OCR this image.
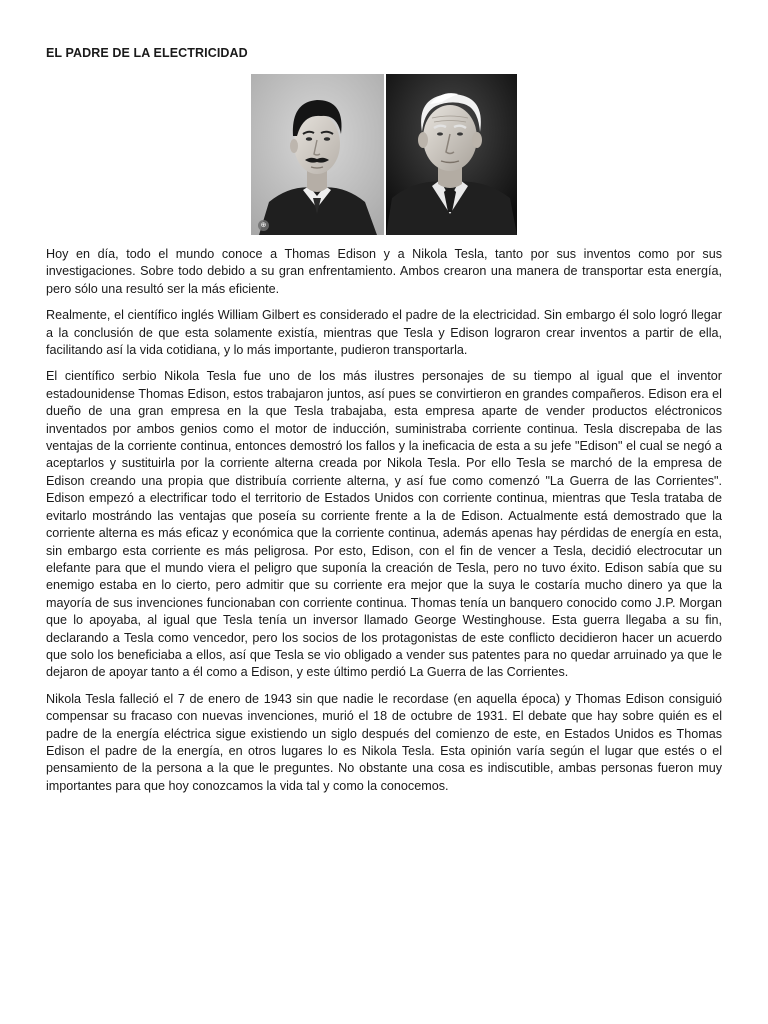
EL PADRE DE LA ELECTRICIDAD
⊕

Hoy en día, todo el mundo conoce a Thomas Edison y a Nikola Tesla, tanto por sus inventos como por sus investigaciones. Sobre todo debido a su gran enfrentamiento. Ambos crearon una manera de transportar esta energía, pero sólo una resultó ser la más eficiente.

Realmente, el científico inglés William Gilbert es considerado el padre de la electricidad. Sin embargo él solo logró llegar a la conclusión de que esta solamente existía, mientras que Tesla y Edison lograron crear inventos a partir de ella, facilitando así la vida cotidiana, y lo más importante, pudieron transportarla.

El científico serbio Nikola Tesla fue uno de los más ilustres personajes de su tiempo al igual que el inventor estadounidense Thomas Edison, estos trabajaron juntos, así pues se convirtieron en grandes compañeros. Edison era el dueño de una gran empresa en la que Tesla trabajaba, esta empresa aparte de vender productos eléctronicos inventados por ambos genios como el motor de inducción, suministraba corriente continua. Tesla discrepaba de las ventajas de la corriente continua, entonces demostró los fallos y la ineficacia de esta a su jefe "Edison" el cual se negó a aceptarlos y sustituirla por la corriente alterna creada por Nikola Tesla. Por ello Tesla se marchó de la empresa de Edison creando una propia que distribuía corriente alterna, y así fue como comenzó "La Guerra de las Corrientes". Edison empezó a electrificar todo el territorio de Estados Unidos con corriente continua, mientras que Tesla trataba de evitarlo mostrándo las ventajas que poseía su corriente frente a la de Edison. Actualmente está demostrado que la corriente alterna es más eficaz y económica que la corriente continua, además apenas hay pérdidas de energía en esta, sin embargo esta corriente es más peligrosa. Por esto, Edison, con el fin de vencer a Tesla, decidió electrocutar un elefante para que el mundo viera el peligro que suponía la creación de Tesla, pero no tuvo éxito. Edison sabía que su enemigo estaba en lo cierto, pero admitir que su corriente era mejor que la suya le costaría mucho dinero ya que la mayoría de sus invenciones funcionaban con corriente continua. Thomas tenía un banquero conocido como J.P. Morgan que lo apoyaba, al igual que Tesla tenía un inversor llamado George Westinghouse. Esta guerra llegaba a su fin, declarando a Tesla como vencedor, pero los socios de los protagonistas de este conflicto decidieron hacer un acuerdo que solo los beneficiaba a ellos, así que Tesla se vio obligado a vender sus patentes para no quedar arruinado ya que le dejaron de apoyar tanto a él como a Edison, y este último perdió La Guerra de las Corrientes.

Nikola Tesla falleció el 7 de enero de 1943 sin que nadie le recordase (en aquella época) y Thomas Edison consiguió compensar su fracaso con nuevas invenciones, murió el 18 de octubre de 1931. El debate que hay sobre quién es el padre de la energía eléctrica sigue existiendo un siglo después del comienzo de este, en Estados Unidos es Thomas Edison el padre de la energía, en otros lugares lo es Nikola Tesla. Esta opinión varía según el lugar que estés o el pensamiento de la persona a la que le preguntes. No obstante una cosa es indiscutible, ambas personas fueron muy importantes para que hoy conozcamos la vida tal y como la conocemos.
